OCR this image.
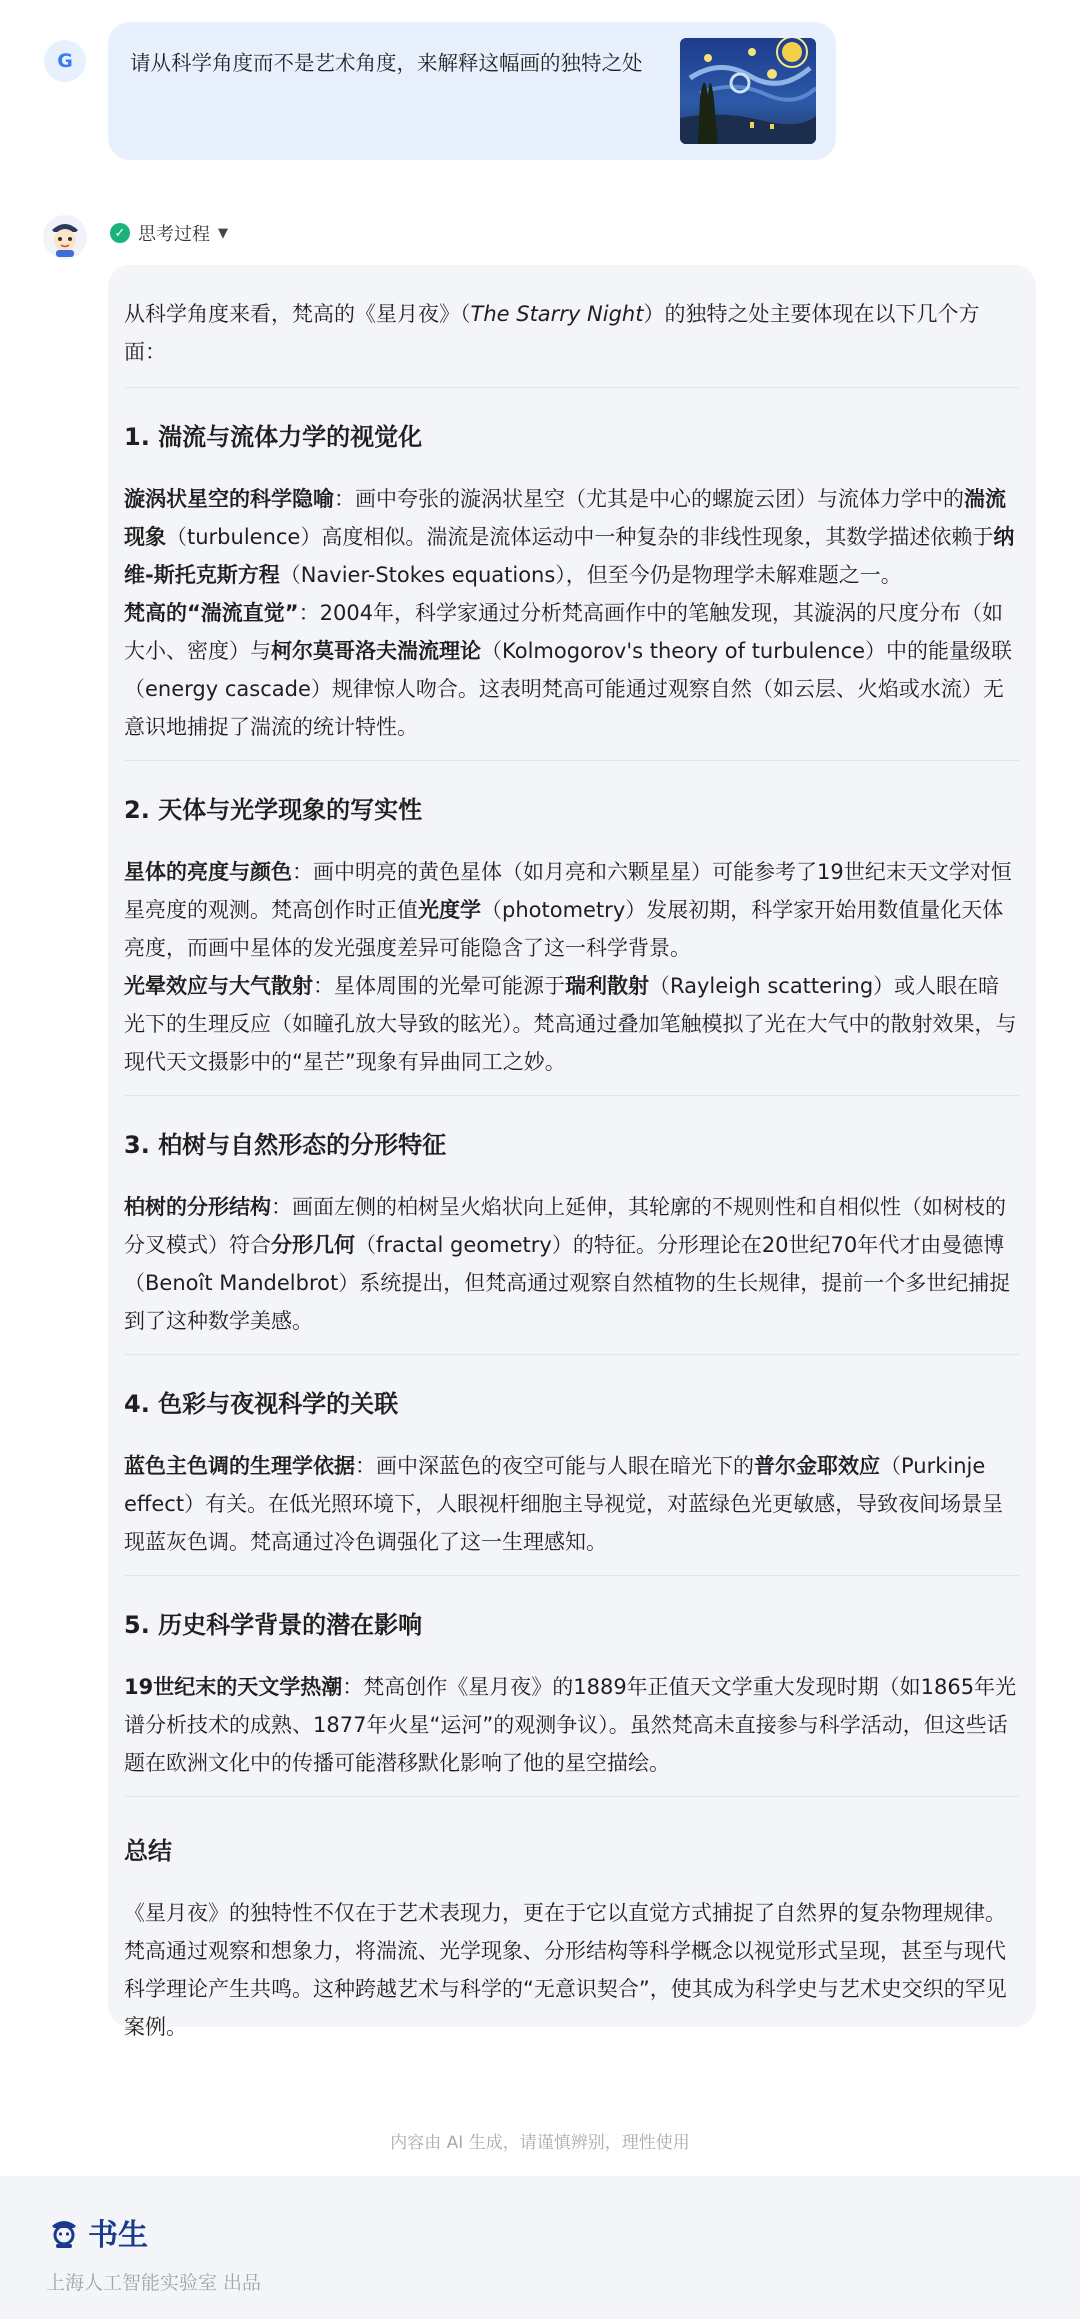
G	请从科学角度而不是艺术角度，来解释这幅画的独特之处
✓ 思考过程 ▼

从科学角度来看，梵高的《星月夜》（The Starry Night）的独特之处主要体现在以下几个方面：

1. 湍流与流体力学的视觉化

漩涡状星空的科学隐喻：画中夸张的漩涡状星空（尤其是中心的螺旋云团）与流体力学中的湍流现象（turbulence）高度相似。湍流是流体运动中一种复杂的非线性现象，其数学描述依赖于纳维-斯托克斯方程（Navier-Stokes equations），但至今仍是物理学未解难题之一。

梵高的“湍流直觉”：2004年，科学家通过分析梵高画作中的笔触发现，其漩涡的尺度分布（如大小、密度）与柯尔莫哥洛夫湍流理论（Kolmogorov's theory of turbulence）中的能量级联（energy cascade）规律惊人吻合。这表明梵高可能通过观察自然（如云层、火焰或水流）无意识地捕捉了湍流的统计特性。

2. 天体与光学现象的写实性

星体的亮度与颜色：画中明亮的黄色星体（如月亮和六颗星星）可能参考了19世纪末天文学对恒星亮度的观测。梵高创作时正值光度学（photometry）发展初期，科学家开始用数值量化天体亮度，而画中星体的发光强度差异可能隐含了这一科学背景。

光晕效应与大气散射：星体周围的光晕可能源于瑞利散射（Rayleigh scattering）或人眼在暗光下的生理反应（如瞳孔放大导致的眩光）。梵高通过叠加笔触模拟了光在大气中的散射效果，与现代天文摄影中的“星芒”现象有异曲同工之妙。

3. 柏树与自然形态的分形特征

柏树的分形结构：画面左侧的柏树呈火焰状向上延伸，其轮廓的不规则性和自相似性（如树枝的分叉模式）符合分形几何（fractal geometry）的特征。分形理论在20世纪70年代才由曼德博（Benoît Mandelbrot）系统提出，但梵高通过观察自然植物的生长规律，提前一个多世纪捕捉到了这种数学美感。

4. 色彩与夜视科学的关联

蓝色主色调的生理学依据：画中深蓝色的夜空可能与人眼在暗光下的普尔金耶效应（Purkinje effect）有关。在低光照环境下，人眼视杆细胞主导视觉，对蓝绿色光更敏感，导致夜间场景呈现蓝灰色调。梵高通过冷色调强化了这一生理感知。

5. 历史科学背景的潜在影响

19世纪末的天文学热潮：梵高创作《星月夜》的1889年正值天文学重大发现时期（如1865年光谱分析技术的成熟、1877年火星“运河”的观测争议）。虽然梵高未直接参与科学活动，但这些话题在欧洲文化中的传播可能潜移默化影响了他的星空描绘。

总结

《星月夜》的独特性不仅在于艺术表现力，更在于它以直觉方式捕捉了自然界的复杂物理规律。梵高通过观察和想象力，将湍流、光学现象、分形结构等科学概念以视觉形式呈现，甚至与现代科学理论产生共鸣。这种跨越艺术与科学的“无意识契合”，使其成为科学史与艺术史交织的罕见案例。

内容由 AI 生成，请谨慎辨别，理性使用
书生
上海人工智能实验室 出品
